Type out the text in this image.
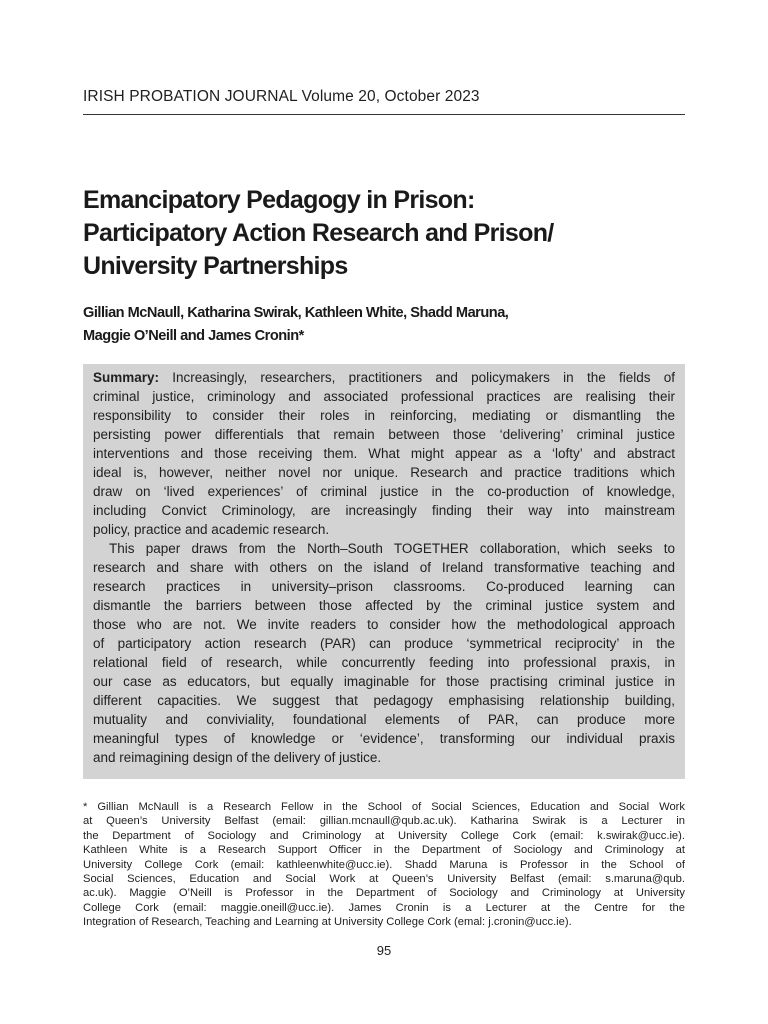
IRISH PROBATION JOURNAL Volume 20, October 2023
Emancipatory Pedagogy in Prison:
Participatory Action Research and Prison/
University Partnerships
Gillian McNaull, Katharina Swirak, Kathleen White, Shadd Maruna,
Maggie O’Neill and James Cronin*
Summary: Increasingly, researchers, practitioners and policymakers in the fields of
criminal justice, criminology and associated professional practices are realising their
responsibility to consider their roles in reinforcing, mediating or dismantling the
persisting power differentials that remain between those ‘delivering’ criminal justice
interventions and those receiving them. What might appear as a ‘lofty’ and abstract
ideal is, however, neither novel nor unique. Research and practice traditions which
draw on ‘lived experiences’ of criminal justice in the co-production of knowledge,
including Convict Criminology, are increasingly finding their way into mainstream
policy, practice and academic research.
This paper draws from the North–South TOGETHER collaboration, which seeks to
research and share with others on the island of Ireland transformative teaching and
research practices in university–prison classrooms. Co-produced learning can
dismantle the barriers between those affected by the criminal justice system and
those who are not. We invite readers to consider how the methodological approach
of participatory action research (PAR) can produce ‘symmetrical reciprocity’ in the
relational field of research, while concurrently feeding into professional praxis, in
our case as educators, but equally imaginable for those practising criminal justice in
different capacities. We suggest that pedagogy emphasising relationship building,
mutuality and conviviality, foundational elements of PAR, can produce more
meaningful types of knowledge or ‘evidence’, transforming our individual praxis
and reimagining design of the delivery of justice.
* Gillian McNaull is a Research Fellow in the School of Social Sciences, Education and Social Work
at Queen’s University Belfast (email: gillian.mcnaull@qub.ac.uk). Katharina Swirak is a Lecturer in
the Department of Sociology and Criminology at University College Cork (email: k.swirak@ucc.ie).
Kathleen White is a Research Support Officer in the Department of Sociology and Criminology at
University College Cork (email: kathleenwhite@ucc.ie). Shadd Maruna is Professor in the School of
Social Sciences, Education and Social Work at Queen’s University Belfast (email: s.maruna@qub.
ac.uk). Maggie O’Neill is Professor in the Department of Sociology and Criminology at University
College Cork (email: maggie.oneill@ucc.ie). James Cronin is a Lecturer at the Centre for the
Integration of Research, Teaching and Learning at University College Cork (emal: j.cronin@ucc.ie).
95
